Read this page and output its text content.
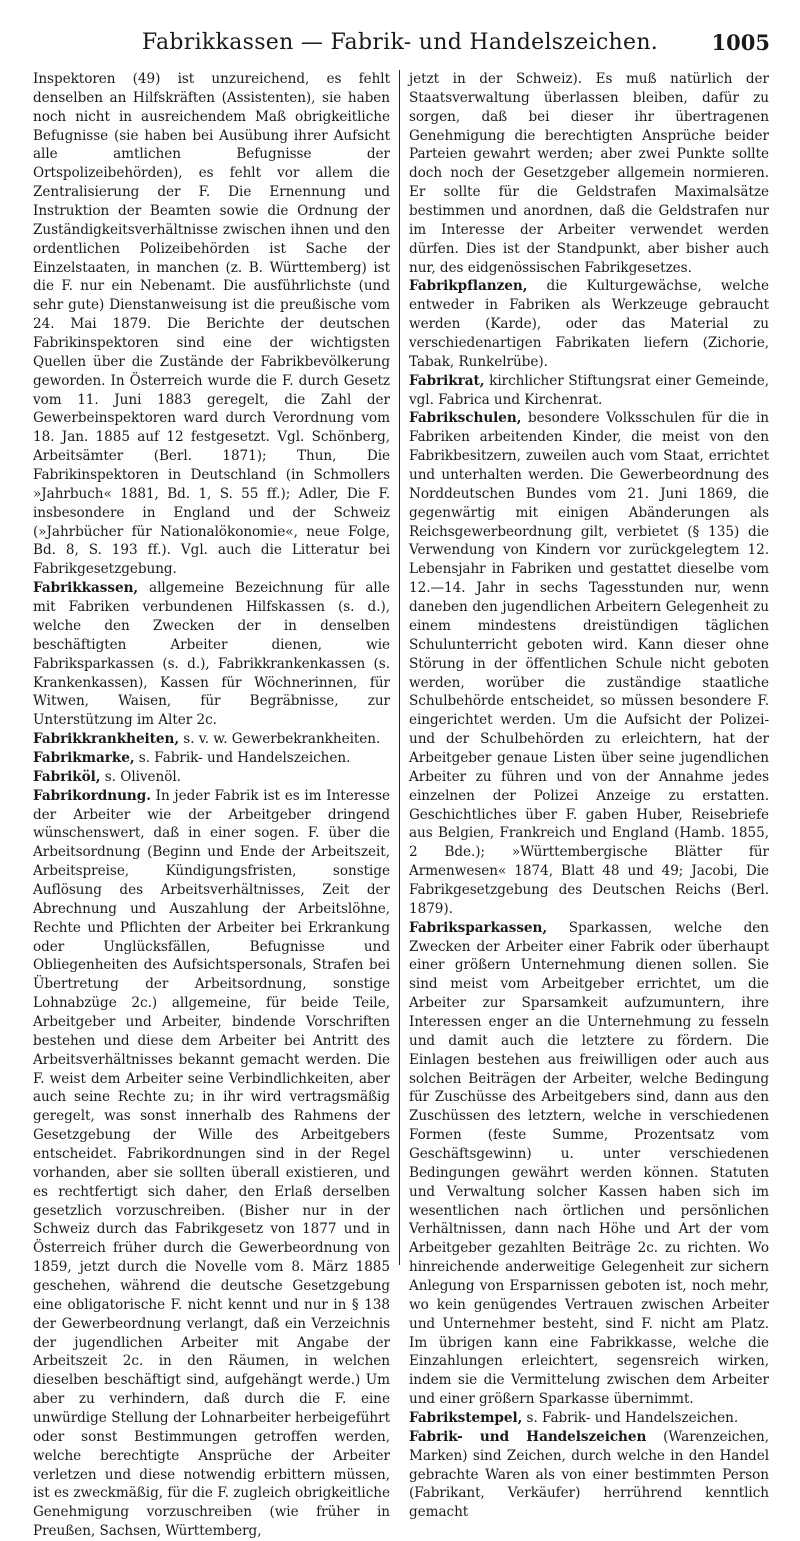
Fabrikkassen — Fabrik- und Handelszeichen.	1005

Inspektoren (49) ist unzureichend, es fehlt denselben an Hilfskräften (Assistenten), sie haben noch nicht in ausreichendem Maß obrigkeitliche Befugnisse (sie haben bei Ausübung ihrer Aufsicht alle amtlichen Befugnisse der Ortspolizeibehörden), es fehlt vor allem die Zentralisierung der F. Die Ernennung und Instruktion der Beamten sowie die Ordnung der Zuständigkeitsverhältnisse zwischen ihnen und den ordentlichen Polizeibehörden ist Sache der Einzelstaaten, in manchen (z. B. Württemberg) ist die F. nur ein Nebenamt. Die ausführlichste (und sehr gute) Dienstanweisung ist die preußische vom 24. Mai 1879. Die Berichte der deutschen Fabrikinspektoren sind eine der wichtigsten Quellen über die Zustände der Fabrikbevölkerung geworden. In Österreich wurde die F. durch Gesetz vom 11. Juni 1883 geregelt, die Zahl der Gewerbeinspektoren ward durch Verordnung vom 18. Jan. 1885 auf 12 festgesetzt. Vgl. Schönberg, Arbeitsämter (Berl. 1871); Thun, Die Fabrikinspektoren in Deutschland (in Schmollers »Jahrbuch« 1881, Bd. 1, S. 55 ff.); Adler, Die F. insbesondere in England und der Schweiz (»Jahrbücher für Nationalökonomie«, neue Folge, Bd. 8, S. 193 ff.). Vgl. auch die Litteratur bei Fabrikgesetzgebung.

Fabrikkassen, allgemeine Bezeichnung für alle mit Fabriken verbundenen Hilfskassen (s. d.), welche den Zwecken der in denselben beschäftigten Arbeiter dienen, wie Fabriksparkassen (s. d.), Fabrikkrankenkassen (s. Krankenkassen), Kassen für Wöchnerinnen, für Witwen, Waisen, für Begräbnisse, zur Unterstützung im Alter 2c.

Fabrikkrankheiten, s. v. w. Gewerbekrankheiten.

Fabrikmarke, s. Fabrik- und Handelszeichen.

Fabriköl, s. Olivenöl.

Fabrikordnung. In jeder Fabrik ist es im Interesse der Arbeiter wie der Arbeitgeber dringend wünschenswert, daß in einer sogen. F. über die Arbeitsordnung (Beginn und Ende der Arbeitszeit, Arbeitspreise, Kündigungsfristen, sonstige Auflösung des Arbeitsverhältnisses, Zeit der Abrechnung und Auszahlung der Arbeitslöhne, Rechte und Pflichten der Arbeiter bei Erkrankung oder Unglücksfällen, Befugnisse und Obliegenheiten des Aufsichtspersonals, Strafen bei Übertretung der Arbeitsordnung, sonstige Lohnabzüge 2c.) allgemeine, für beide Teile, Arbeitgeber und Arbeiter, bindende Vorschriften bestehen und diese dem Arbeiter bei Antritt des Arbeitsverhältnisses bekannt gemacht werden. Die F. weist dem Arbeiter seine Verbindlichkeiten, aber auch seine Rechte zu; in ihr wird vertragsmäßig geregelt, was sonst innerhalb des Rahmens der Gesetzgebung der Wille des Arbeitgebers entscheidet. Fabrikordnungen sind in der Regel vorhanden, aber sie sollten überall existieren, und es rechtfertigt sich daher, den Erlaß derselben gesetzlich vorzuschreiben. (Bisher nur in der Schweiz durch das Fabrikgesetz von 1877 und in Österreich früher durch die Gewerbeordnung von 1859, jetzt durch die Novelle vom 8. März 1885 geschehen, während die deutsche Gesetzgebung eine obligatorische F. nicht kennt und nur in § 138 der Gewerbeordnung verlangt, daß ein Verzeichnis der jugendlichen Arbeiter mit Angabe der Arbeitszeit 2c. in den Räumen, in welchen dieselben beschäftigt sind, aufgehängt werde.) Um aber zu verhindern, daß durch die F. eine unwürdige Stellung der Lohnarbeiter herbeigeführt oder sonst Bestimmungen getroffen werden, welche berechtigte Ansprüche der Arbeiter verletzen und diese notwendig erbittern müssen, ist es zweckmäßig, für die F. zugleich obrigkeitliche Genehmigung vorzuschreiben (wie früher in Preußen, Sachsen, Württemberg,

jetzt in der Schweiz). Es muß natürlich der Staatsverwaltung überlassen bleiben, dafür zu sorgen, daß bei dieser ihr übertragenen Genehmigung die berechtigten Ansprüche beider Parteien gewahrt werden; aber zwei Punkte sollte doch noch der Gesetzgeber allgemein normieren. Er sollte für die Geldstrafen Maximalsätze bestimmen und anordnen, daß die Geldstrafen nur im Interesse der Arbeiter verwendet werden dürfen. Dies ist der Standpunkt, aber bisher auch nur, des eidgenössischen Fabrikgesetzes.

Fabrikpflanzen, die Kulturgewächse, welche entweder in Fabriken als Werkzeuge gebraucht werden (Karde), oder das Material zu verschiedenartigen Fabrikaten liefern (Zichorie, Tabak, Runkelrübe).

Fabrikrat, kirchlicher Stiftungsrat einer Gemeinde, vgl. Fabrica und Kirchenrat.

Fabrikschulen, besondere Volksschulen für die in Fabriken arbeitenden Kinder, die meist von den Fabrikbesitzern, zuweilen auch vom Staat, errichtet und unterhalten werden. Die Gewerbeordnung des Norddeutschen Bundes vom 21. Juni 1869, die gegenwärtig mit einigen Abänderungen als Reichsgewerbeordnung gilt, verbietet (§ 135) die Verwendung von Kindern vor zurückgelegtem 12. Lebensjahr in Fabriken und gestattet dieselbe vom 12.—14. Jahr in sechs Tagesstunden nur, wenn daneben den jugendlichen Arbeitern Gelegenheit zu einem mindestens dreistündigen täglichen Schulunterricht geboten wird. Kann dieser ohne Störung in der öffentlichen Schule nicht geboten werden, worüber die zuständige staatliche Schulbehörde entscheidet, so müssen besondere F. eingerichtet werden. Um die Aufsicht der Polizei- und der Schulbehörden zu erleichtern, hat der Arbeitgeber genaue Listen über seine jugendlichen Arbeiter zu führen und von der Annahme jedes einzelnen der Polizei Anzeige zu erstatten. Geschichtliches über F. gaben Huber, Reisebriefe aus Belgien, Frankreich und England (Hamb. 1855, 2 Bde.); »Württembergische Blätter für Armenwesen« 1874, Blatt 48 und 49; Jacobi, Die Fabrikgesetzgebung des Deutschen Reichs (Berl. 1879).

Fabriksparkassen, Sparkassen, welche den Zwecken der Arbeiter einer Fabrik oder überhaupt einer größern Unternehmung dienen sollen. Sie sind meist vom Arbeitgeber errichtet, um die Arbeiter zur Sparsamkeit aufzumuntern, ihre Interessen enger an die Unternehmung zu fesseln und damit auch die letztere zu fördern. Die Einlagen bestehen aus freiwilligen oder auch aus solchen Beiträgen der Arbeiter, welche Bedingung für Zuschüsse des Arbeitgebers sind, dann aus den Zuschüssen des letztern, welche in verschiedenen Formen (feste Summe, Prozentsatz vom Geschäftsgewinn) u. unter verschiedenen Bedingungen gewährt werden können. Statuten und Verwaltung solcher Kassen haben sich im wesentlichen nach örtlichen und persönlichen Verhältnissen, dann nach Höhe und Art der vom Arbeitgeber gezahlten Beiträge 2c. zu richten. Wo hinreichende anderweitige Gelegenheit zur sichern Anlegung von Ersparnissen geboten ist, noch mehr, wo kein genügendes Vertrauen zwischen Arbeiter und Unternehmer besteht, sind F. nicht am Platz. Im übrigen kann eine Fabrikkasse, welche die Einzahlungen erleichtert, segensreich wirken, indem sie die Vermittelung zwischen dem Arbeiter und einer größern Sparkasse übernimmt.

Fabrikstempel, s. Fabrik- und Handelszeichen.

Fabrik- und Handelszeichen (Warenzeichen, Marken) sind Zeichen, durch welche in den Handel gebrachte Waren als von einer bestimmten Person (Fabrikant, Verkäufer) herrührend kenntlich gemacht
